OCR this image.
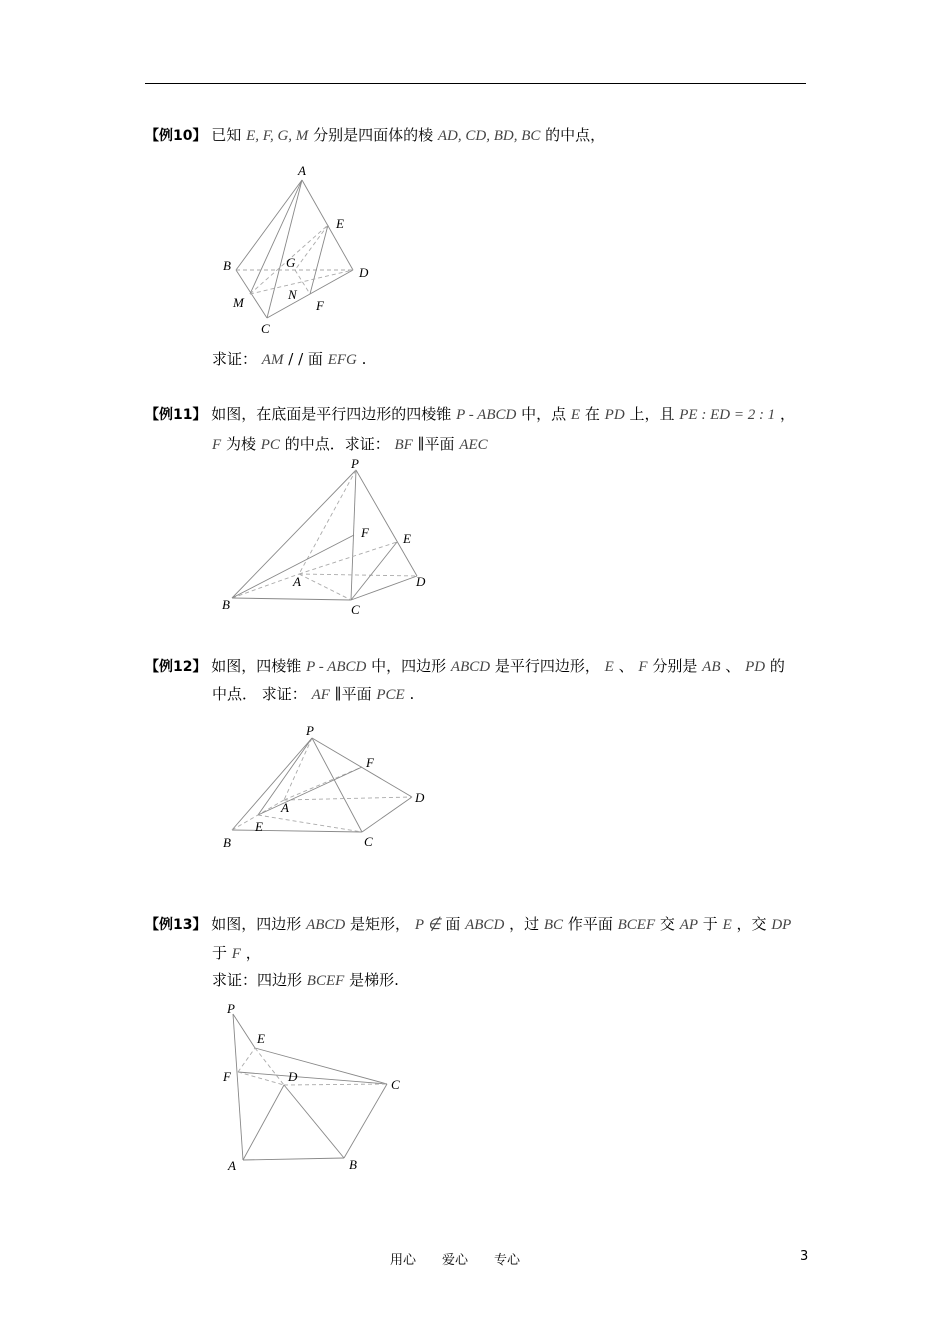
【例10】 已知 E, F, G, M 分别是四面体的棱 AD, CD, BD, BC 的中点，
A
E
B	G
D
M
N
F
C
P
F	E
A	D
B	C
P
F
A
D
E
B	C
P
E
F	D
C
A	B
求证： AM / / 面 EFG .
【例11】 如图，在底面是平行四边形的四棱锥 P - ABCD 中，点 E 在 PD 上，且 PE : ED = 2 : 1 ，
F 为棱 PC 的中点．求证： BF ∥平面 AEC
【例12】 如图，四棱锥 P - ABCD 中，四边形 ABCD 是平行四边形， E 、 F 分别是 AB 、 PD 的
中点． 求证： AF ∥平面 PCE .
【例13】 如图，四边形 ABCD 是矩形， P ∉ 面 ABCD ，过 BC 作平面 BCEF 交 AP 于 E ，交 DP
于 F ，
求证：四边形 BCEF 是梯形.
用心　　爱心　　专心	3
